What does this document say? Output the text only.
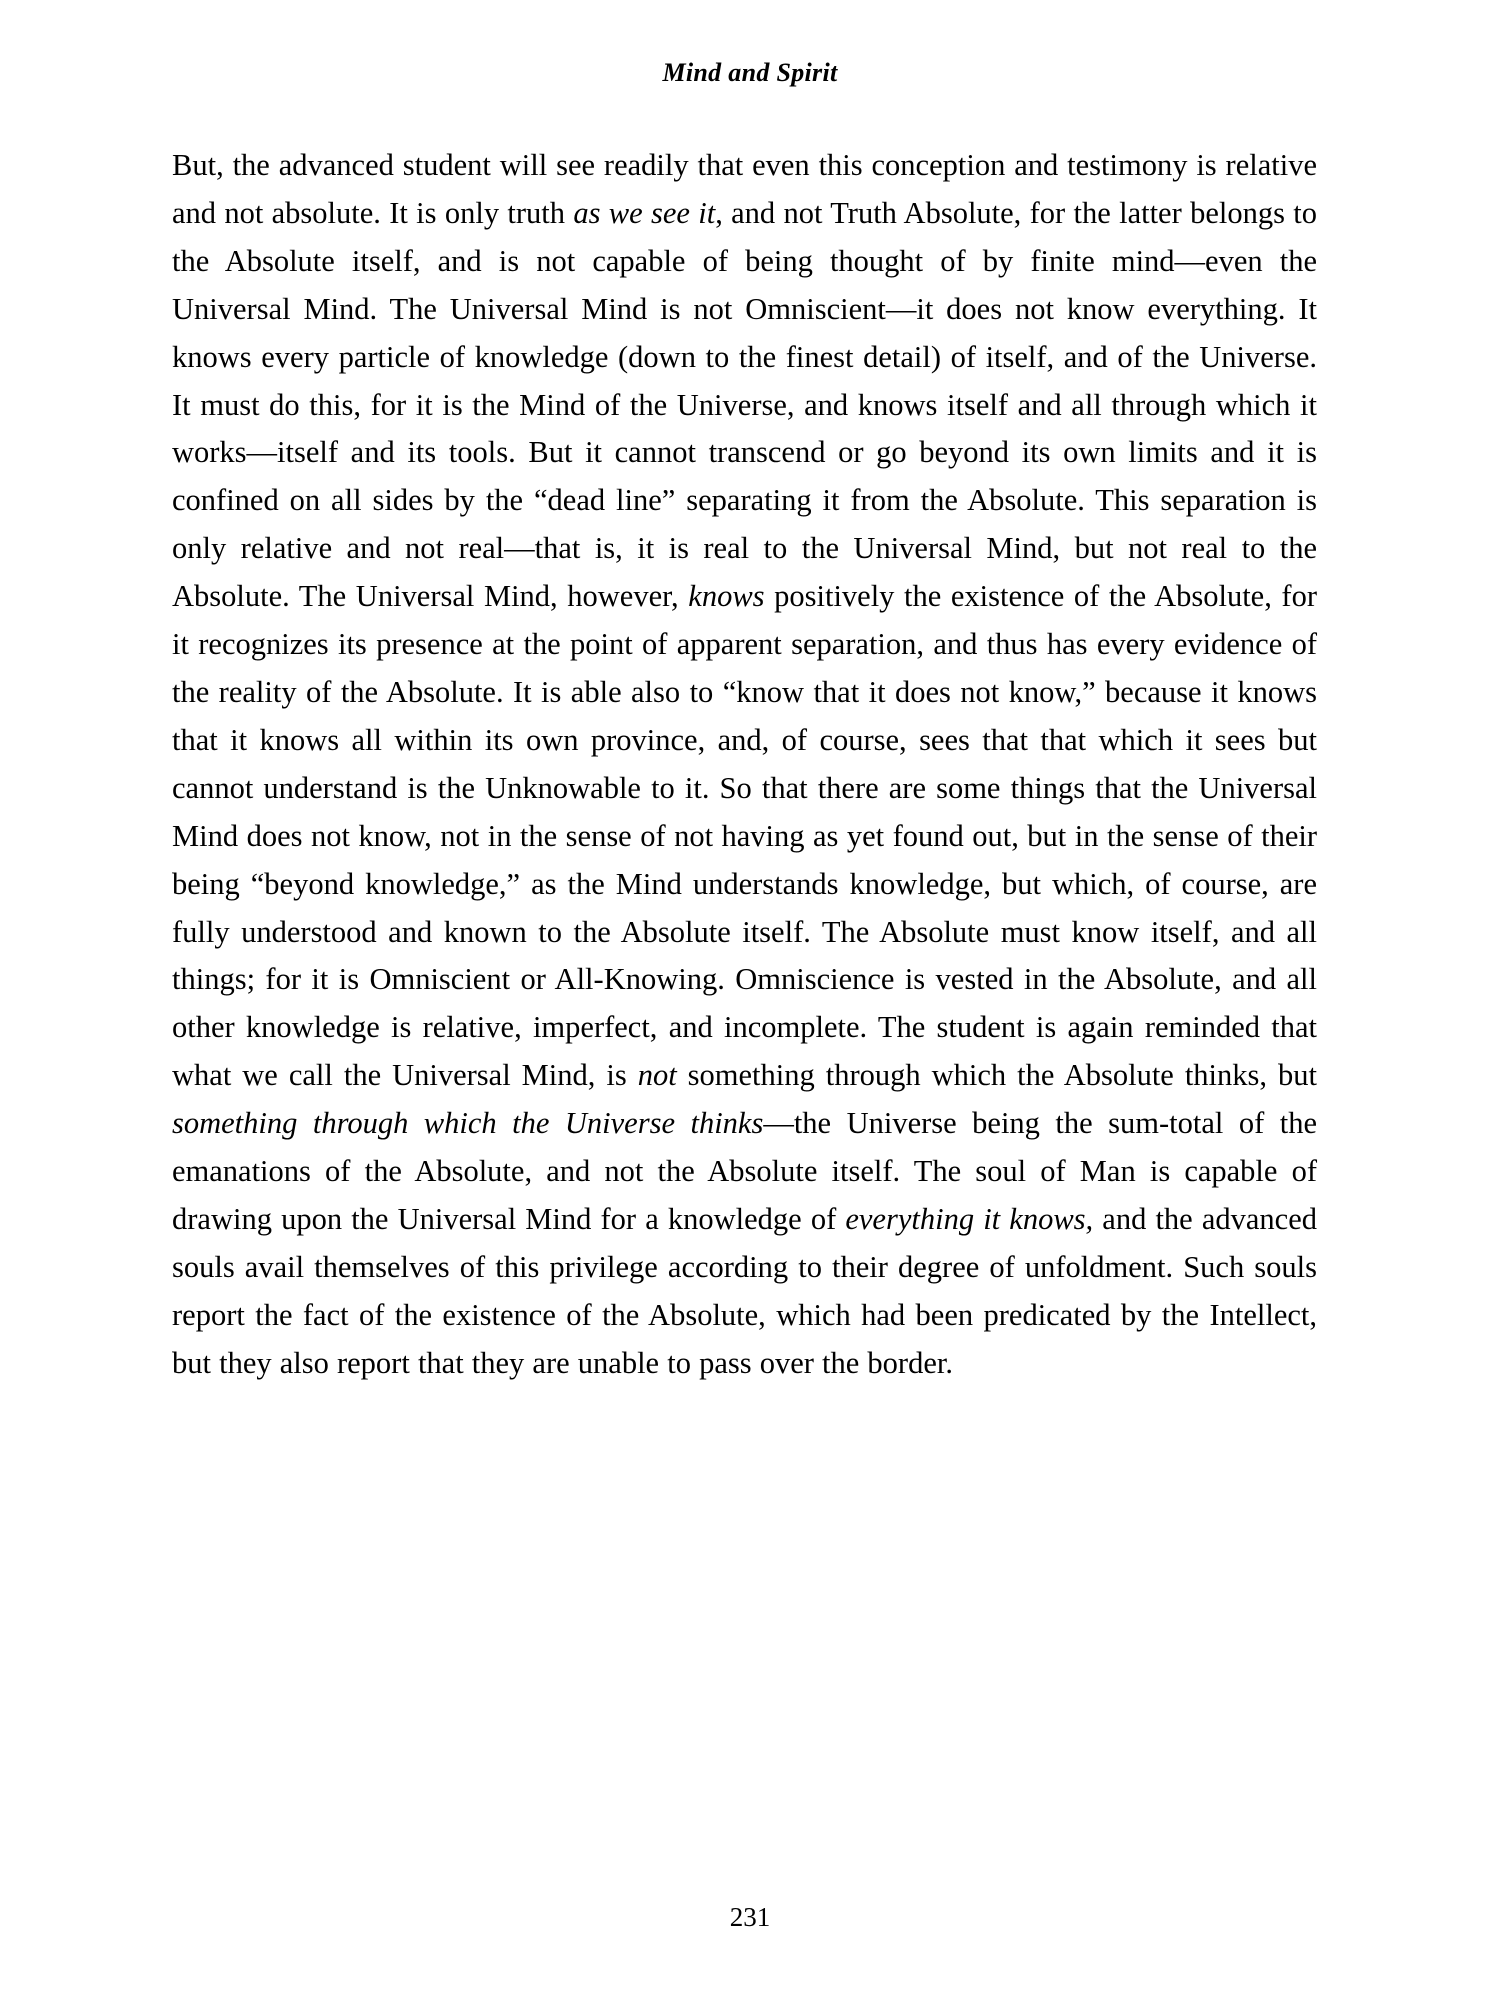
Mind and Spirit
But, the advanced student will see readily that even this conception and testimony is relative and not absolute. It is only truth as we see it, and not Truth Absolute, for the latter belongs to the Absolute itself, and is not capable of being thought of by finite mind—even the Universal Mind. The Universal Mind is not Omniscient—it does not know everything. It knows every particle of knowledge (down to the finest detail) of itself, and of the Universe. It must do this, for it is the Mind of the Universe, and knows itself and all through which it works—itself and its tools. But it cannot transcend or go beyond its own limits and it is confined on all sides by the “dead line” separating it from the Absolute. This separation is only relative and not real—that is, it is real to the Universal Mind, but not real to the Absolute. The Universal Mind, however, knows positively the existence of the Absolute, for it recognizes its presence at the point of apparent separation, and thus has every evidence of the reality of the Absolute. It is able also to “know that it does not know,” because it knows that it knows all within its own province, and, of course, sees that that which it sees but cannot understand is the Unknowable to it. So that there are some things that the Universal Mind does not know, not in the sense of not having as yet found out, but in the sense of their being “beyond knowledge,” as the Mind understands knowledge, but which, of course, are fully understood and known to the Absolute itself. The Absolute must know itself, and all things; for it is Omniscient or All-Knowing. Omniscience is vested in the Absolute, and all other knowledge is relative, imperfect, and incomplete. The student is again reminded that what we call the Universal Mind, is not something through which the Absolute thinks, but something through which the Universe thinks—the Universe being the sum-total of the emanations of the Absolute, and not the Absolute itself. The soul of Man is capable of drawing upon the Universal Mind for a knowledge of everything it knows, and the advanced souls avail themselves of this privilege according to their degree of unfoldment. Such souls report the fact of the existence of the Absolute, which had been predicated by the Intellect, but they also report that they are unable to pass over the border.
231
